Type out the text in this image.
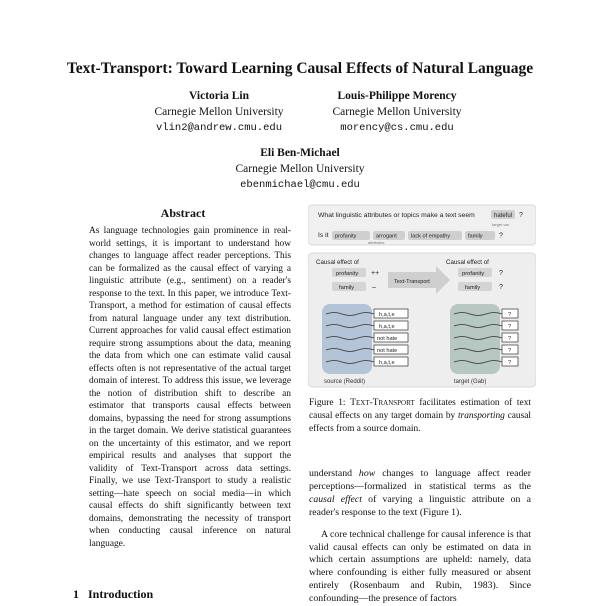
Text-Transport: Toward Learning Causal Effects of Natural Language
Victoria Lin
Carnegie Mellon University
vlin2@andrew.cmu.edu
Louis-Philippe Morency
Carnegie Mellon University
morency@cs.cmu.edu
Eli Ben-Michael
Carnegie Mellon University
ebenmichael@cmu.edu
Abstract

As language technologies gain prominence in real-world settings, it is important to understand how changes to language affect reader perceptions. This can be formalized as the causal effect of varying a linguistic attribute (e.g., sentiment) on a reader's response to the text. In this paper, we introduce Text-Transport, a method for estimation of causal effects from natural language under any text distribution. Current approaches for valid causal effect estimation require strong assumptions about the data, meaning the data from which one can estimate valid causal effects often is not representative of the actual target domain of interest. To address this issue, we leverage the notion of distribution shift to describe an estimator that transports causal effects between domains, bypassing the need for strong assumptions in the target domain. We derive statistical guarantees on the uncertainty of this estimator, and we report empirical results and analyses that support the validity of Text-Transport across data settings. Finally, we use Text-Transport to study a realistic setting—hate speech on social media—in which causal effects do shift significantly between text domains, demonstrating the necessity of transport when conducting causal inference on natural language.

1 Introduction
What linguistic attributes or topics make a text seem	hateful ?
target var.
Is it profanity	arrogant	lack of empathy	family ?
attributes
Causal effect of	Causal effect of
profanity ++
family	–
Text-Transport
profanity ?
family	?
h,a,t,e
h,a,t,e
not hate
not hate
h,a,t,e
source (Reddit)
?
?
?
?
?
target (Gab)
Figure 1: Text-Transport facilitates estimation of text causal effects on any target domain by transporting causal effects from a source domain.

understand how changes to language affect reader perceptions—formalized in statistical terms as the causal effect of varying a linguistic attribute on a reader's response to the text (Figure 1).

A core technical challenge for causal inference is that valid causal effects can only be estimated on data in which certain assumptions are upheld: namely, data where confounding is either fully measured or absent entirely (Rosenbaum and Rubin, 1983). Since confounding—the presence of factors
